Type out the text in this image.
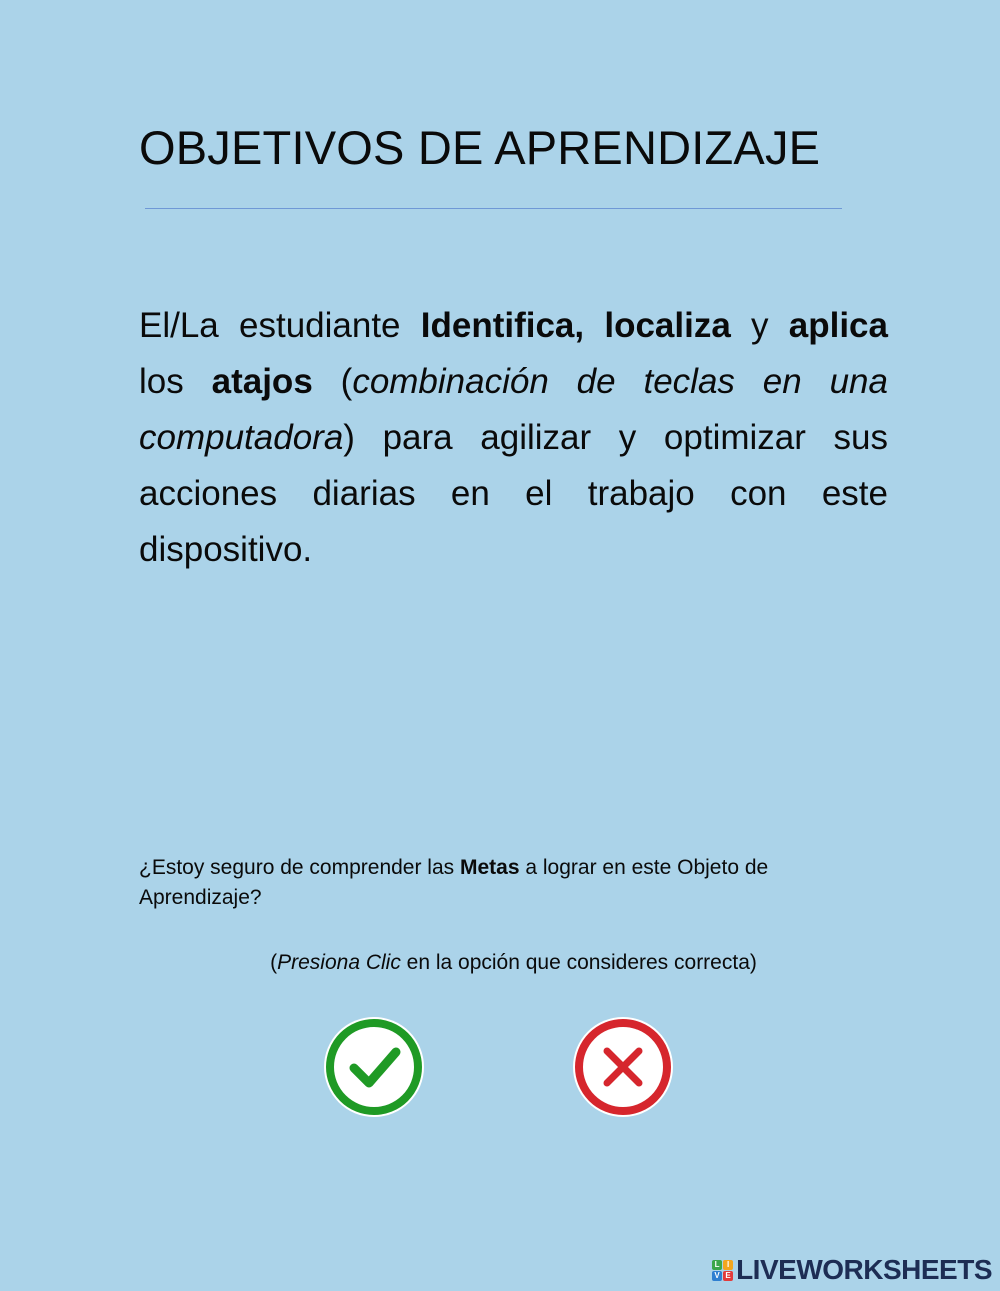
OBJETIVOS DE APRENDIZAJE

El/La estudiante Identifica, localiza y aplica los atajos (combinación de teclas en una computadora) para agilizar y optimizar sus acciones diarias en el trabajo con este dispositivo.

¿Estoy seguro de comprender las Metas a lograr en este Objeto de Aprendizaje?

(Presiona Clic en la opción que consideres correcta)

L I
V E LIVEWORKSHEETS
